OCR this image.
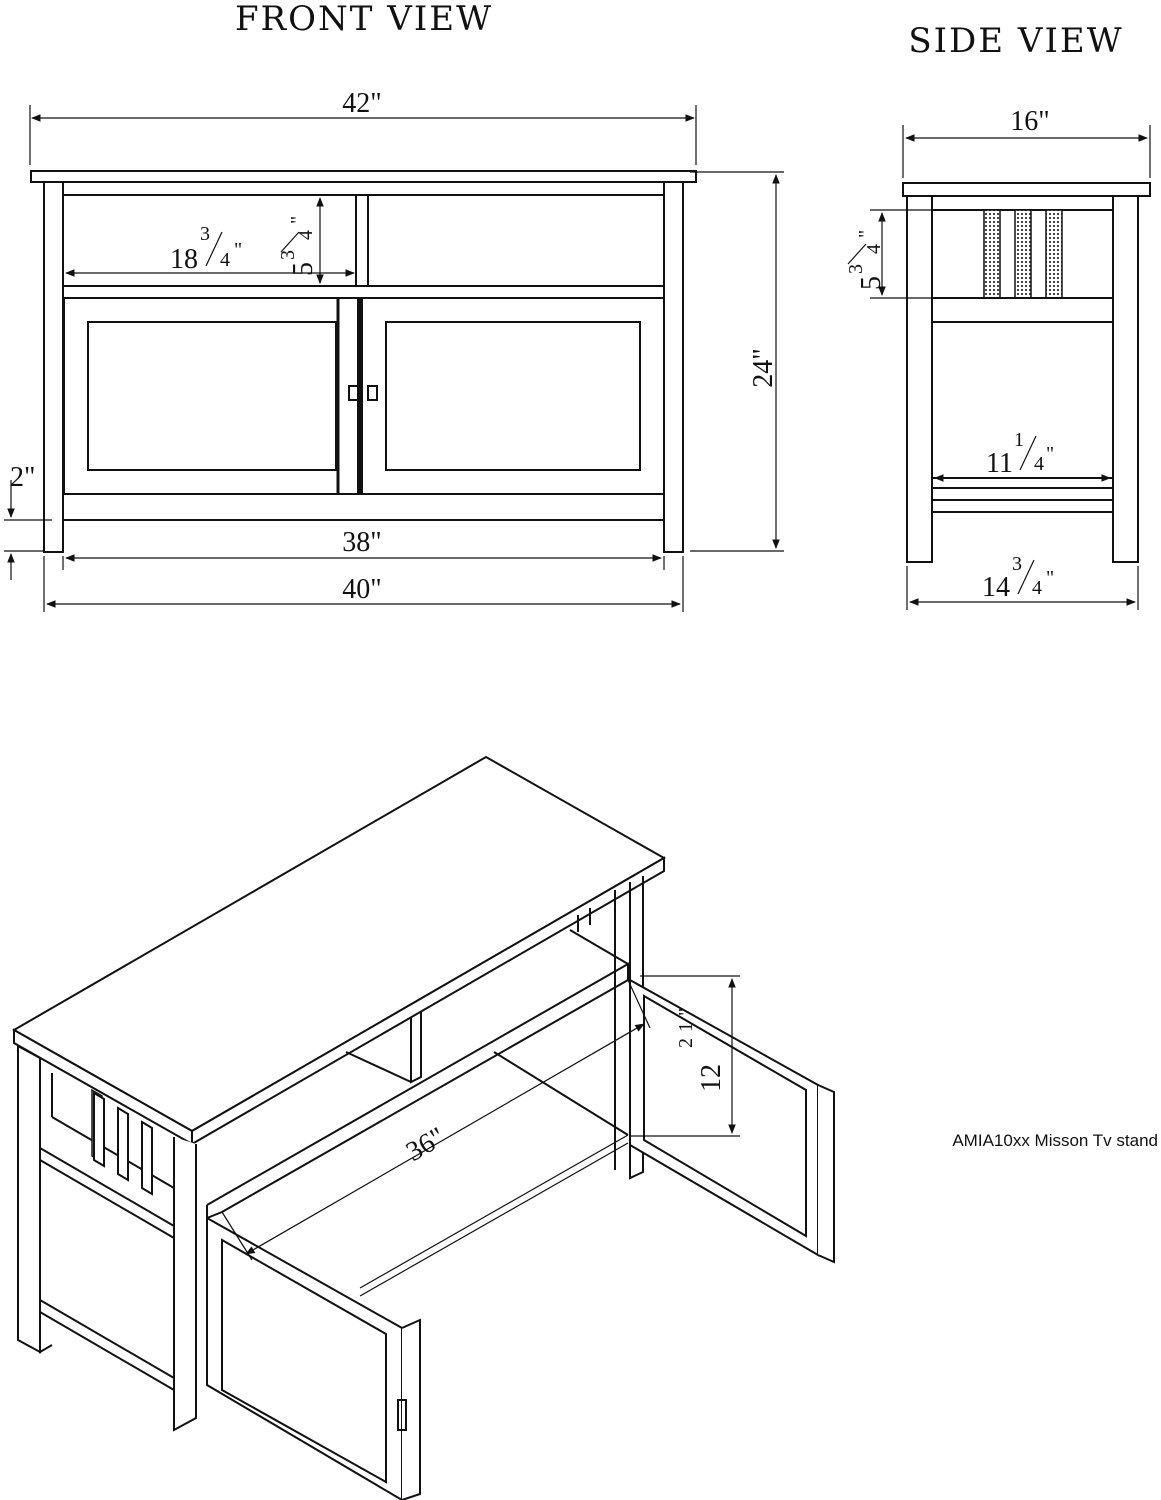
FRONT VIEW
42"
18
3
4 "
5
3
4
"
24"
2"
38"
40"
SIDE VIEW
16"
5
3
4
"
11
1
4 "
14
3
4 "
36"
12
1
2
"
AMIA10xx Misson Tv stand
